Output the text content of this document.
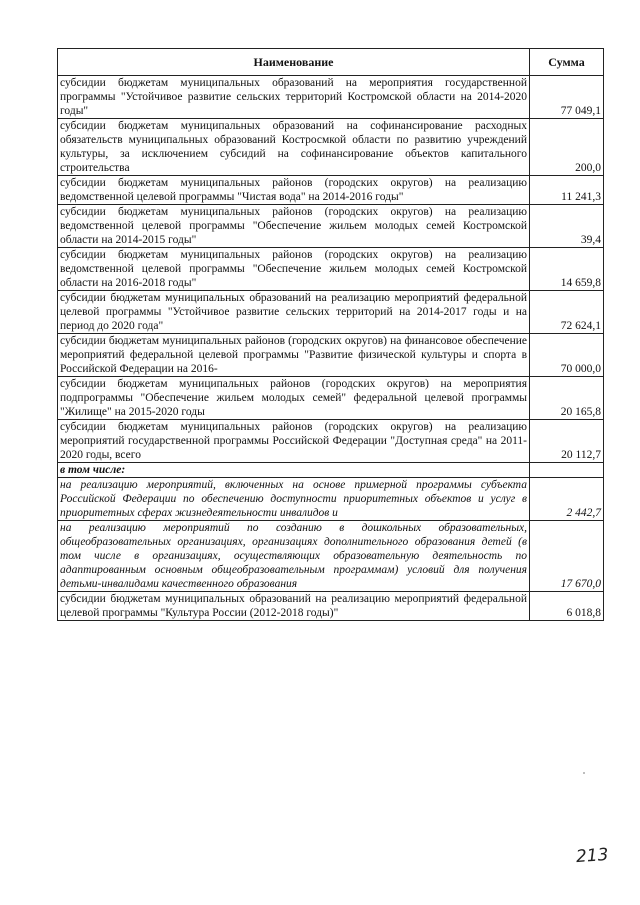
Наименование	Сумма
субсидии бюджетам муниципальных образований на мероприятия государственной программы "Устойчивое развитие сельских территорий Костромской области на 2014-2020 годы"	77 049,1
субсидии бюджетам муниципальных образований на софинансирование расходных обязательств муниципальных образований Костросмкой области по развитию учреждений культуры, за исключением субсидий на софинансирование объектов капитального строительства	200,0
субсидии бюджетам муниципальных районов (городских округов) на реализацию ведомственной целевой программы "Чистая вода" на 2014-2016 годы"	11 241,3
субсидии бюджетам муниципальных районов (городских округов) на реализацию ведомственной целевой программы "Обеспечение жильем молодых семей Костромской области на 2014-2015 годы"	39,4
субсидии бюджетам муниципальных районов (городских округов) на реализацию ведомственной целевой программы "Обеспечение жильем молодых семей Костромской области на 2016-2018 годы"	14 659,8
субсидии бюджетам муниципальных образований на реализацию мероприятий федеральной целевой программы "Устойчивое развитие сельских территорий на 2014-2017 годы и на период до 2020 года"	72 624,1
субсидии бюджетам муниципальных районов (городских округов) на финансовое обеспечение мероприятий федеральной целевой программы "Развитие физической культуры и спорта в Российской Федерации на 2016-	70 000,0
субсидии бюджетам муниципальных районов (городских округов) на мероприятия подпрограммы "Обеспечение жильем молодых семей" федеральной целевой программы "Жилище" на 2015-2020 годы	20 165,8
субсидии бюджетам муниципальных районов (городских округов) на реализацию мероприятий государственной программы Российской Федерации "Доступная среда" на 2011-2020 годы, всего	20 112,7
в том числе:	
на реализацию мероприятий, включенных на основе примерной программы субъекта Российской Федерации по обеспечению доступности приоритетных объектов и услуг в приоритетных сферах жизнедеятельности инвалидов и	2 442,7
на реализацию мероприятий по созданию в дошкольных образовательных, общеобразовательных организациях, организациях дополнительного образования детей (в том числе в организациях, осуществляющих образовательную деятельность по адаптированным основным общеобразовательным программам) условий для получения детьми-инвалидами качественного образования	17 670,0
субсидии бюджетам муниципальных образований на реализацию мероприятий федеральной целевой программы "Культура России (2012-2018 годы)"	6 018,8
213
